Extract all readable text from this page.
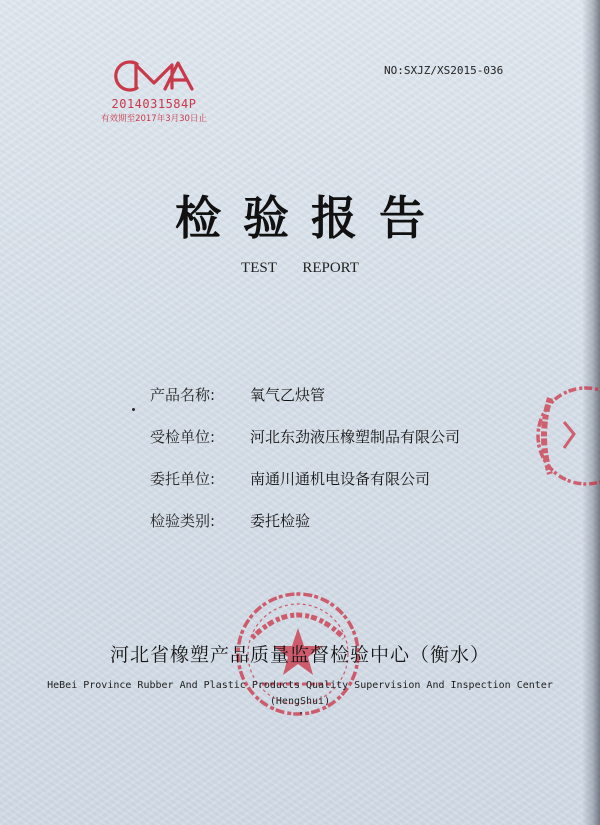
2014031584P
有效期至2017年3月30日止
NO:SXJZ/XS2015-036
检验报告
TEST REPORT
产品名称:	氧气乙炔管
受检单位:	河北东劲液压橡塑制品有限公司
委托单位:	南通川通机电设备有限公司
检验类别:	委托检验
河北省橡塑产品质量监督检验中心（衡水）
HeBei Province Rubber And Plastic Products Quality Supervision And Inspection Center
(HengShui)
